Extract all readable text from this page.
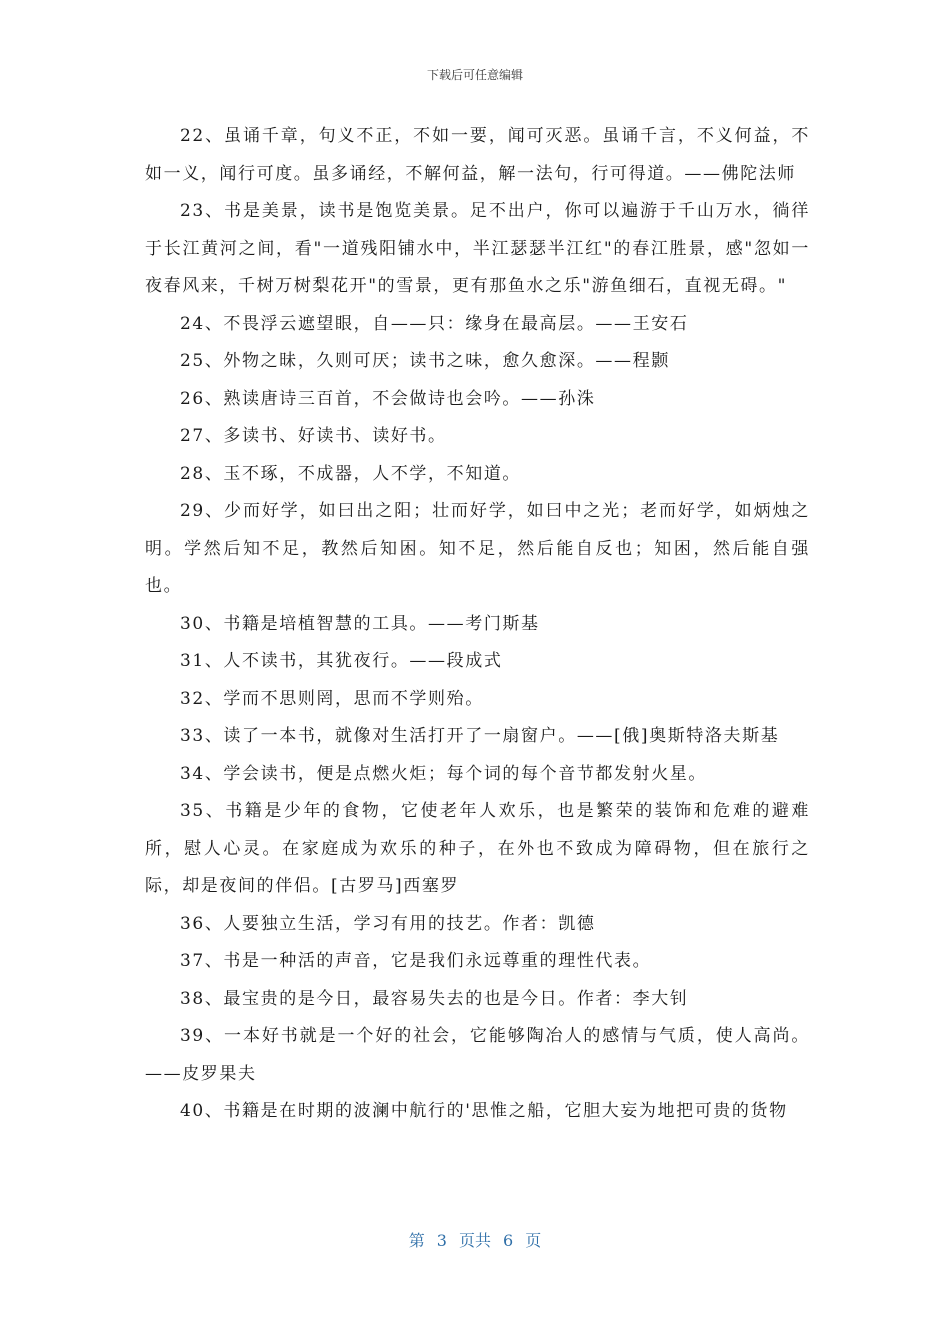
下载后可任意编辑

22、虽诵千章，句义不正，不如一要，闻可灭恶。虽诵千言，不义何益，不如一义，闻行可度。虽多诵经，不解何益，解一法句，行可得道。——佛陀法师

23、书是美景，读书是饱览美景。足不出户，你可以遍游于千山万水，徜徉于长江黄河之间，看"一道残阳铺水中，半江瑟瑟半江红"的春江胜景，感"忽如一夜春风来，千树万树梨花开"的雪景，更有那鱼水之乐"游鱼细石，直视无碍。"

24、不畏浮云遮望眼，自——只：缘身在最高层。——王安石

25、外物之昧，久则可厌；读书之味，愈久愈深。——程颢

26、熟读唐诗三百首，不会做诗也会吟。——孙洙

27、多读书、好读书、读好书。

28、玉不琢，不成器，人不学，不知道。

29、少而好学，如曰出之阳；壮而好学，如曰中之光；老而好学，如炳烛之明。学然后知不足，教然后知困。知不足，然后能自反也；知困，然后能自强也。

30、书籍是培植智慧的工具。——考门斯基

31、人不读书，其犹夜行。——段成式

32、学而不思则罔，思而不学则殆。

33、读了一本书，就像对生活打开了一扇窗户。——[俄]奥斯特洛夫斯基

34、学会读书，便是点燃火炬；每个词的每个音节都发射火星。

35、书籍是少年的食物，它使老年人欢乐，也是繁荣的装饰和危难的避难所，慰人心灵。在家庭成为欢乐的种子，在外也不致成为障碍物，但在旅行之际，却是夜间的伴侣。[古罗马]西塞罗

36、人要独立生活，学习有用的技艺。作者：凯德

37、书是一种活的声音，它是我们永远尊重的理性代表。

38、最宝贵的是今日，最容易失去的也是今日。作者：李大钊

39、一本好书就是一个好的社会，它能够陶冶人的感情与气质，使人高尚。——皮罗果夫

40、书籍是在时期的波澜中航行的'思惟之船，它胆大妄为地把可贵的货物

第 3 页共 6 页
